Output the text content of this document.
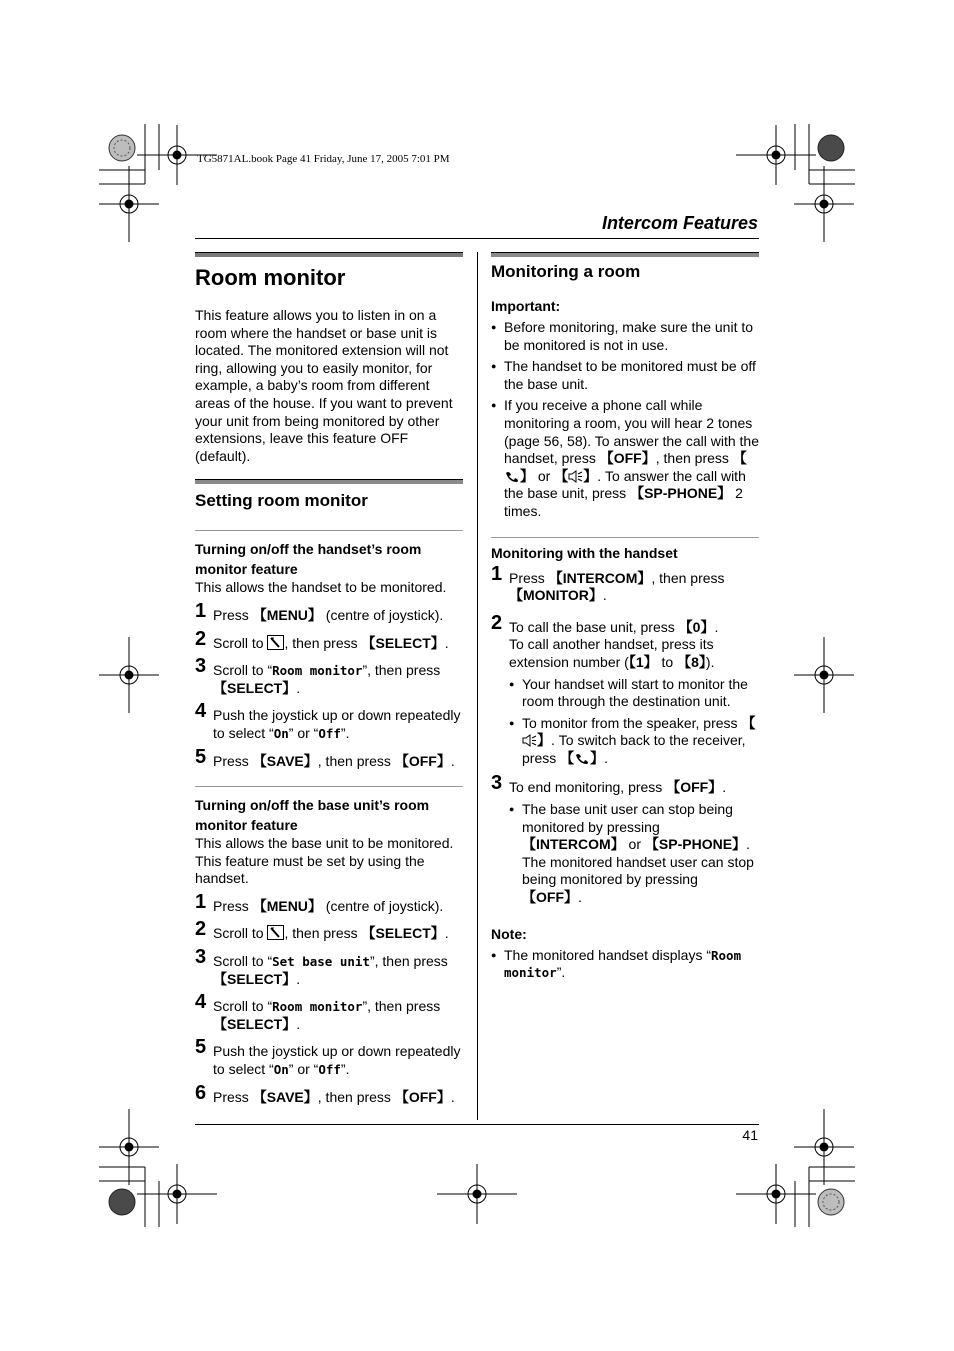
TG5871AL.book Page 41 Friday, June 17, 2005 7:01 PM
Intercom Features
41
Room monitor

This feature allows you to listen in on a room where the handset or base unit is located. The monitored extension will not ring, allowing you to easily monitor, for example, a baby’s room from different areas of the house. If you want to prevent your unit from being monitored by other extensions, leave this feature OFF (default).

Setting room monitor
Turning on/off the handset’s room monitor feature

This allows the handset to be monitored.

1 Press 【 MENU 】 (centre of joystick).
2 Scroll to , then press 【 SELECT 】 .
3 Scroll to “Room monitor”, then press 【 SELECT 】 .
4 Push the joystick up or down repeatedly to select “On” or “Off”.
5 Press 【 SAVE 】 , then press 【 OFF 】 .
Turning on/off the base unit’s room monitor feature

This allows the base unit to be monitored. This feature must be set by using the handset.

1 Press 【 MENU 】 (centre of joystick).
2 Scroll to , then press 【 SELECT 】 .
3 Scroll to “Set base unit”, then press 【 SELECT 】 .
4 Scroll to “Room monitor”, then press 【 SELECT 】 .
5 Push the joystick up or down repeatedly to select “On” or “Off”.
6 Press 【 SAVE 】 , then press 【 OFF 】 .
Monitoring a room
Important:
● Before monitoring, make sure the unit to be monitored is not in use.
● The handset to be monitored must be off the base unit.
● If you receive a phone call while monitoring a room, you will hear 2 tones (page 56, 58). To answer the call with the handset, press 【 OFF 】 , then press 【  】 or 【  】	. To answer the call with the base unit, press 【 SP-PHONE 】 2 times.
Monitoring with the handset
1 Press 【 INTERCOM 】 , then press 【 MONITOR 】 .
2 To call the base unit, press 【 0 】 .
To call another handset, press its extension number ( 【 1 】 to 【 8 】 ).
● Your handset will start to monitor the room through the destination unit.
● To monitor from the speaker, press 【  】. To switch back to the receiver, press 【  】	.
3 To end monitoring, press 【 OFF 】 .
● The base unit user can stop being monitored by pressing 【 INTERCOM 】 or 【 SP-PHONE 】 . The monitored handset user can stop being monitored by pressing 【 OFF 】 .
Note:
● The monitored handset displays “Room monitor”.
